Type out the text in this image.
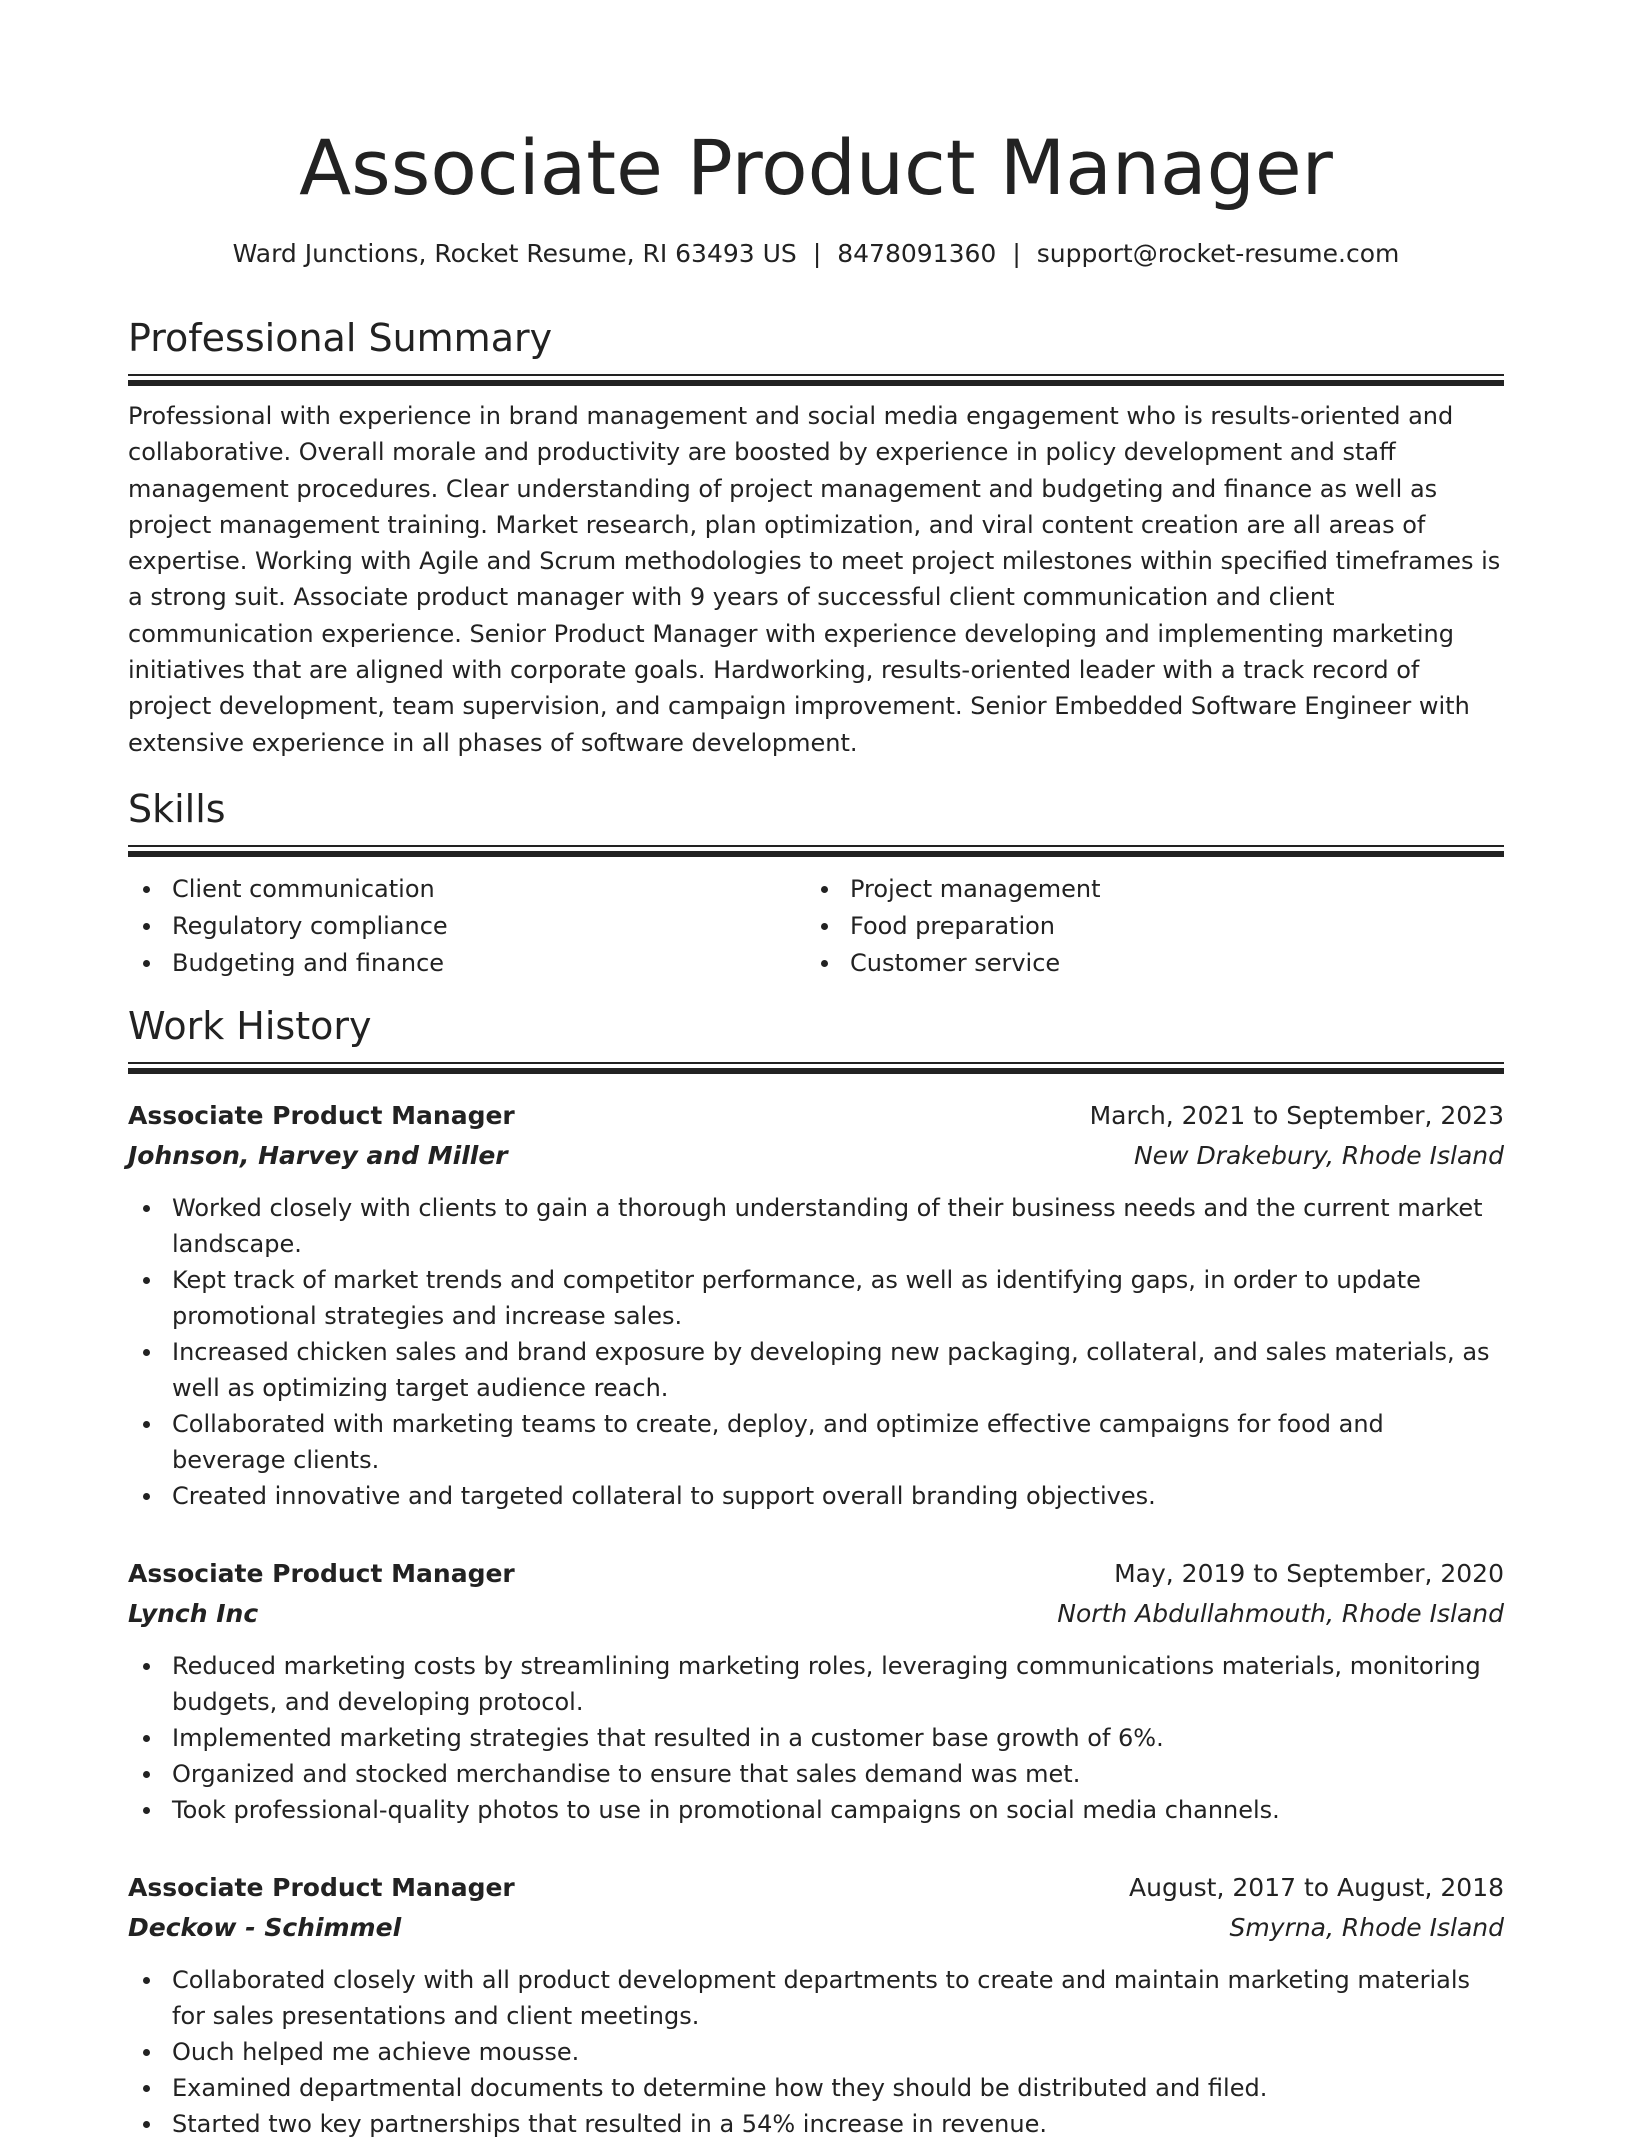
Associate Product Manager
Ward Junctions, Rocket Resume, RI 63493 US | 8478091360 | support@rocket-resume.com
Professional Summary

Professional with experience in brand management and social media engagement who is results-oriented and collaborative. Overall morale and productivity are boosted by experience in policy development and staff management procedures. Clear understanding of project management and budgeting and finance as well as project management training. Market research, plan optimization, and viral content creation are all areas of expertise. Working with Agile and Scrum methodologies to meet project milestones within specified timeframes is a strong suit. Associate product manager with 9 years of successful client communication and client communication experience. Senior Product Manager with experience developing and implementing marketing initiatives that are aligned with corporate goals. Hardworking, results-oriented leader with a track record of project development, team supervision, and campaign improvement. Senior Embedded Software Engineer with extensive experience in all phases of software development.

Skills
Client communication
Regulatory compliance
Budgeting and finance
Project management
Food preparation
Customer service
Work History
Associate Product Manager	March, 2021 to September, 2023
Johnson, Harvey and Miller	New Drakebury, Rhode Island
Worked closely with clients to gain a thorough understanding of their business needs and the current market landscape.
Kept track of market trends and competitor performance, as well as identifying gaps, in order to update promotional strategies and increase sales.
Increased chicken sales and brand exposure by developing new packaging, collateral, and sales materials, as well as optimizing target audience reach.
Collaborated with marketing teams to create, deploy, and optimize effective campaigns for food and beverage clients.
Created innovative and targeted collateral to support overall branding objectives.
Associate Product Manager	May, 2019 to September, 2020
Lynch Inc	North Abdullahmouth, Rhode Island
Reduced marketing costs by streamlining marketing roles, leveraging communications materials, monitoring budgets, and developing protocol.
Implemented marketing strategies that resulted in a customer base growth of 6%.
Organized and stocked merchandise to ensure that sales demand was met.
Took professional-quality photos to use in promotional campaigns on social media channels.
Associate Product Manager	August, 2017 to August, 2018
Deckow - Schimmel	Smyrna, Rhode Island
Collaborated closely with all product development departments to create and maintain marketing materials for sales presentations and client meetings.
Ouch helped me achieve mousse.
Examined departmental documents to determine how they should be distributed and filed.
Started two key partnerships that resulted in a 54% increase in revenue.
